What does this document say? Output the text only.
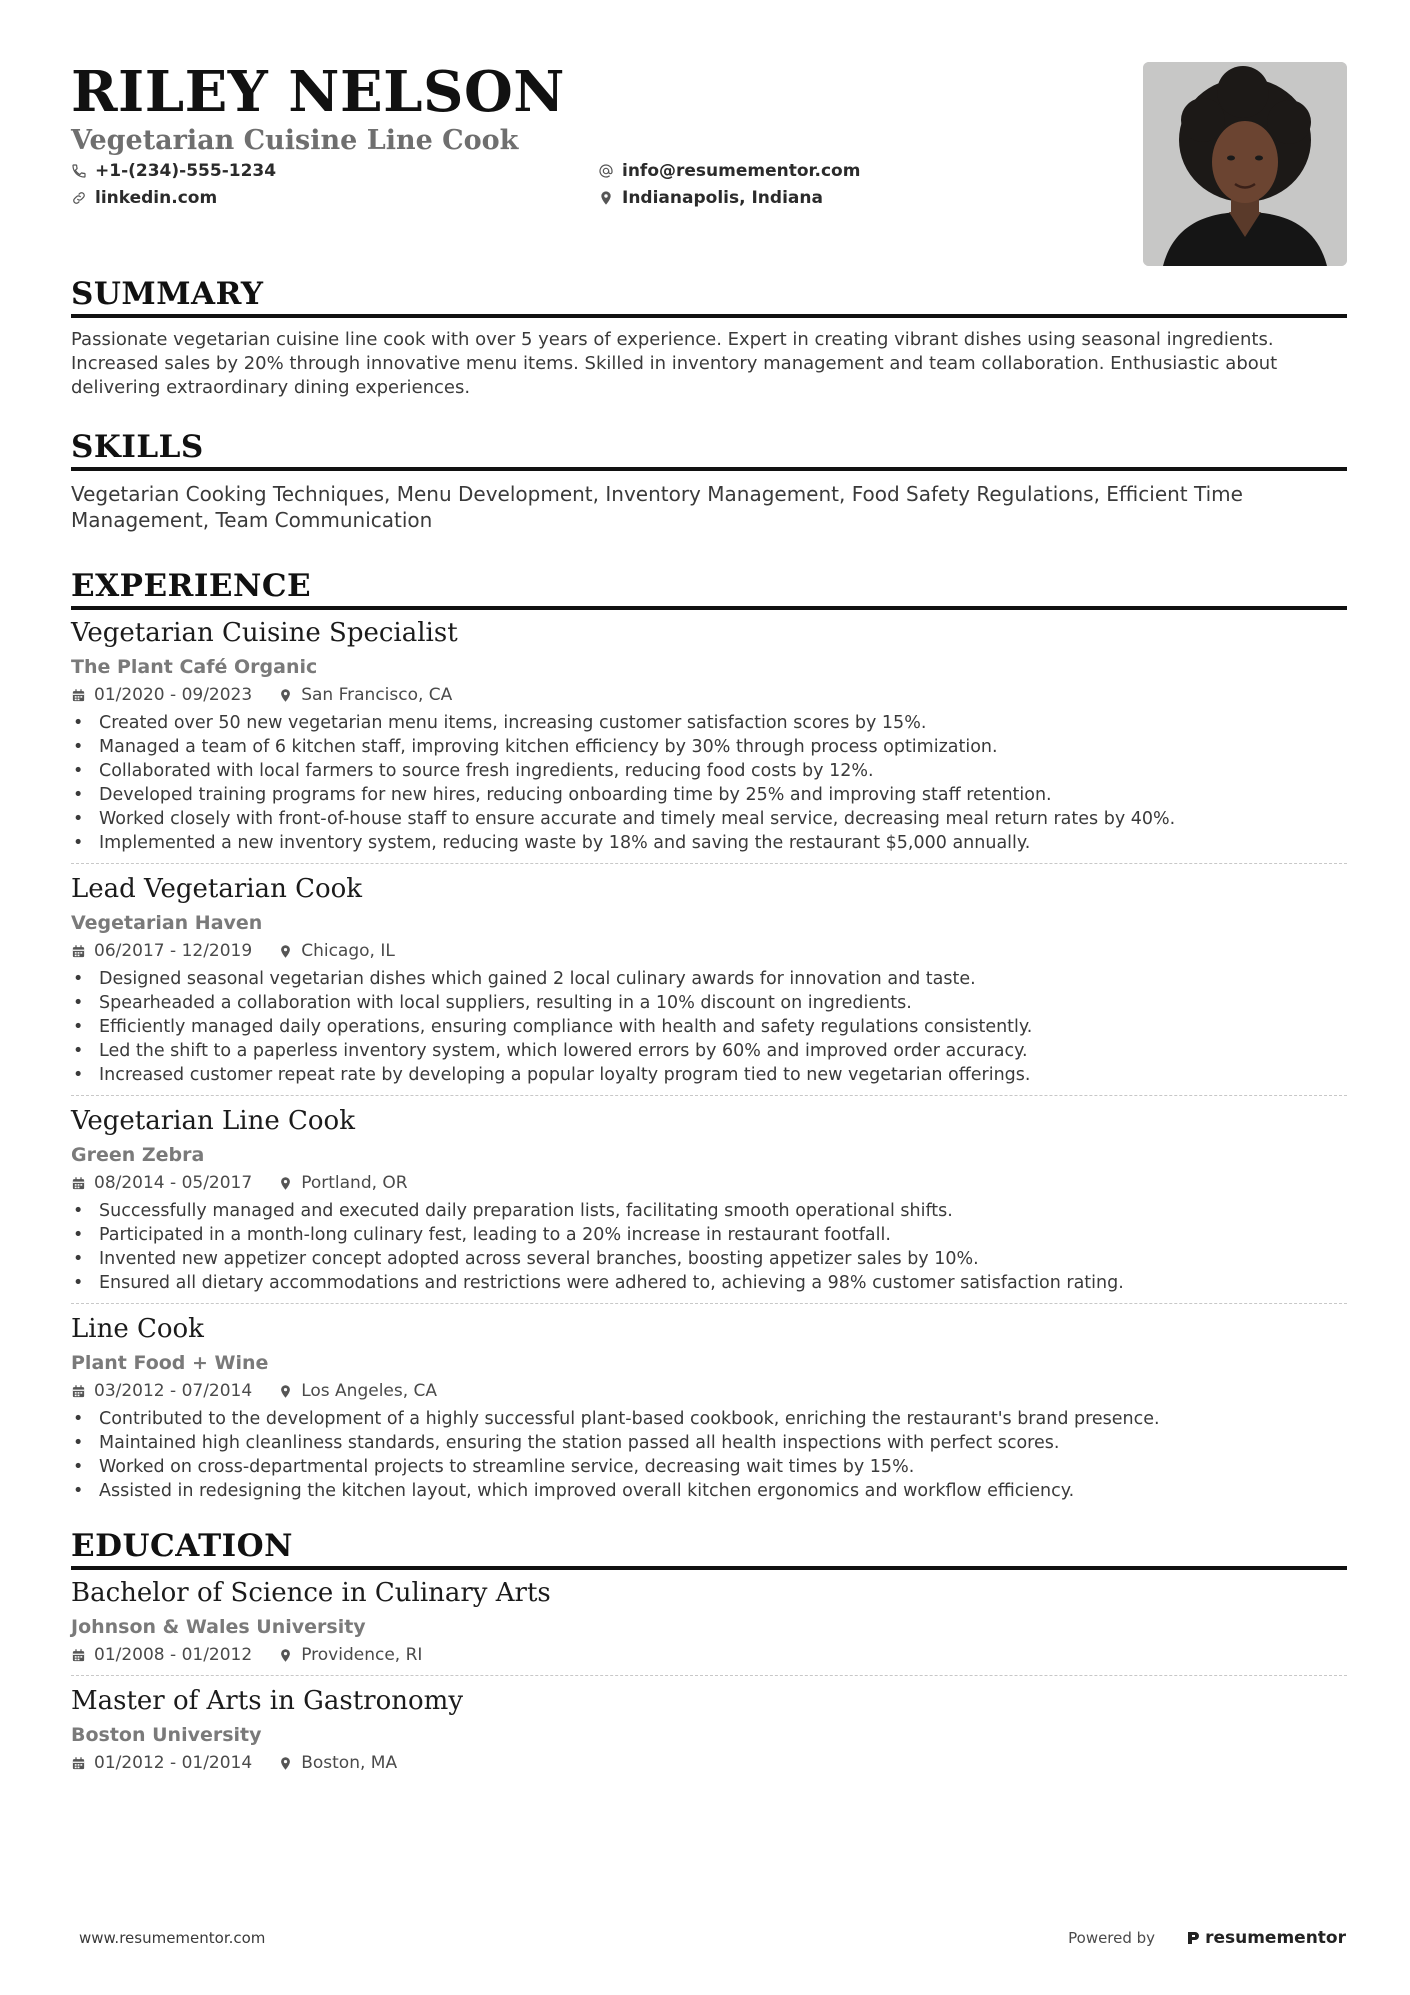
RILEY NELSON
Vegetarian Cuisine Line Cook
+1-(234)-555-1234	info@resumementor.com
linkedin.com	Indianapolis, Indiana
SUMMARY

Passionate vegetarian cuisine line cook with over 5 years of experience. Expert in creating vibrant dishes using seasonal ingredients. Increased sales by 20% through innovative menu items. Skilled in inventory management and team collaboration. Enthusiastic about delivering extraordinary dining experiences.

SKILLS

Vegetarian Cooking Techniques, Menu Development, Inventory Management, Food Safety Regulations, Efficient Time Management, Team Communication

EXPERIENCE
Vegetarian Cuisine Specialist
The Plant Café Organic
01/2020 - 09/2023	San Francisco, CA
• Created over 50 new vegetarian menu items, increasing customer satisfaction scores by 15%.
• Managed a team of 6 kitchen staff, improving kitchen efficiency by 30% through process optimization.
• Collaborated with local farmers to source fresh ingredients, reducing food costs by 12%.
• Developed training programs for new hires, reducing onboarding time by 25% and improving staff retention.
• Worked closely with front-of-house staff to ensure accurate and timely meal service, decreasing meal return rates by 40%.
• Implemented a new inventory system, reducing waste by 18% and saving the restaurant $5,000 annually.
Lead Vegetarian Cook
Vegetarian Haven
06/2017 - 12/2019	Chicago, IL
• Designed seasonal vegetarian dishes which gained 2 local culinary awards for innovation and taste.
• Spearheaded a collaboration with local suppliers, resulting in a 10% discount on ingredients.
• Efficiently managed daily operations, ensuring compliance with health and safety regulations consistently.
• Led the shift to a paperless inventory system, which lowered errors by 60% and improved order accuracy.
• Increased customer repeat rate by developing a popular loyalty program tied to new vegetarian offerings.
Vegetarian Line Cook
Green Zebra
08/2014 - 05/2017	Portland, OR
• Successfully managed and executed daily preparation lists, facilitating smooth operational shifts.
• Participated in a month-long culinary fest, leading to a 20% increase in restaurant footfall.
• Invented new appetizer concept adopted across several branches, boosting appetizer sales by 10%.
• Ensured all dietary accommodations and restrictions were adhered to, achieving a 98% customer satisfaction rating.
Line Cook
Plant Food + Wine
03/2012 - 07/2014	Los Angeles, CA
• Contributed to the development of a highly successful plant-based cookbook, enriching the restaurant's brand presence.
• Maintained high cleanliness standards, ensuring the station passed all health inspections with perfect scores.
• Worked on cross-departmental projects to streamline service, decreasing wait times by 15%.
• Assisted in redesigning the kitchen layout, which improved overall kitchen ergonomics and workflow efficiency.
EDUCATION
Bachelor of Science in Culinary Arts
Johnson & Wales University
01/2008 - 01/2012	Providence, RI
Master of Arts in Gastronomy
Boston University
01/2012 - 01/2014	Boston, MA
www.resumementor.com	Powered by	resumementor
